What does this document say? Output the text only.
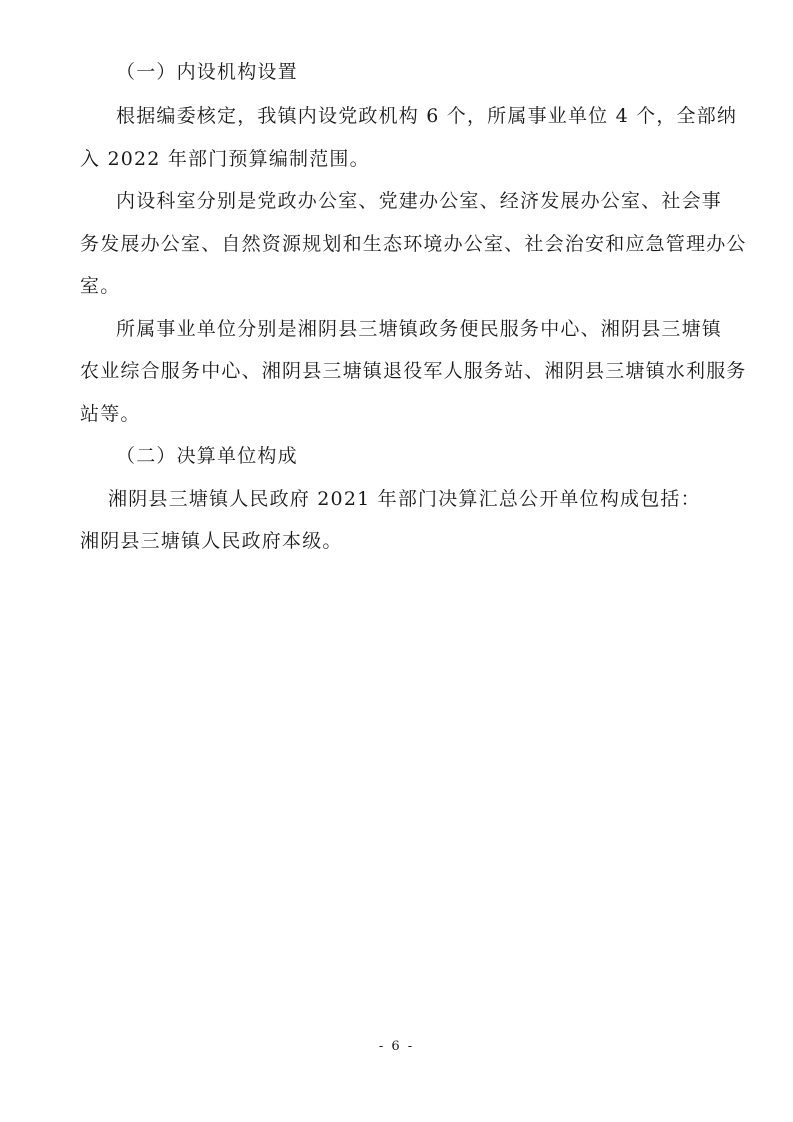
（一）内设机构设置
根据编委核定，我镇内设党政机构 6 个，所属事业单位 4 个，全部纳
入 2022 年部门预算编制范围。
内设科室分别是党政办公室、党建办公室、经济发展办公室、社会事
务发展办公室、自然资源规划和生态环境办公室、社会治安和应急管理办公
室。
所属事业单位分别是湘阴县三塘镇政务便民服务中心、湘阴县三塘镇
农业综合服务中心、湘阴县三塘镇退役军人服务站、湘阴县三塘镇水利服务
站等。
（二）决算单位构成
湘阴县三塘镇人民政府 2021 年部门决算汇总公开单位构成包括：
湘阴县三塘镇人民政府本级。
- 6 -
